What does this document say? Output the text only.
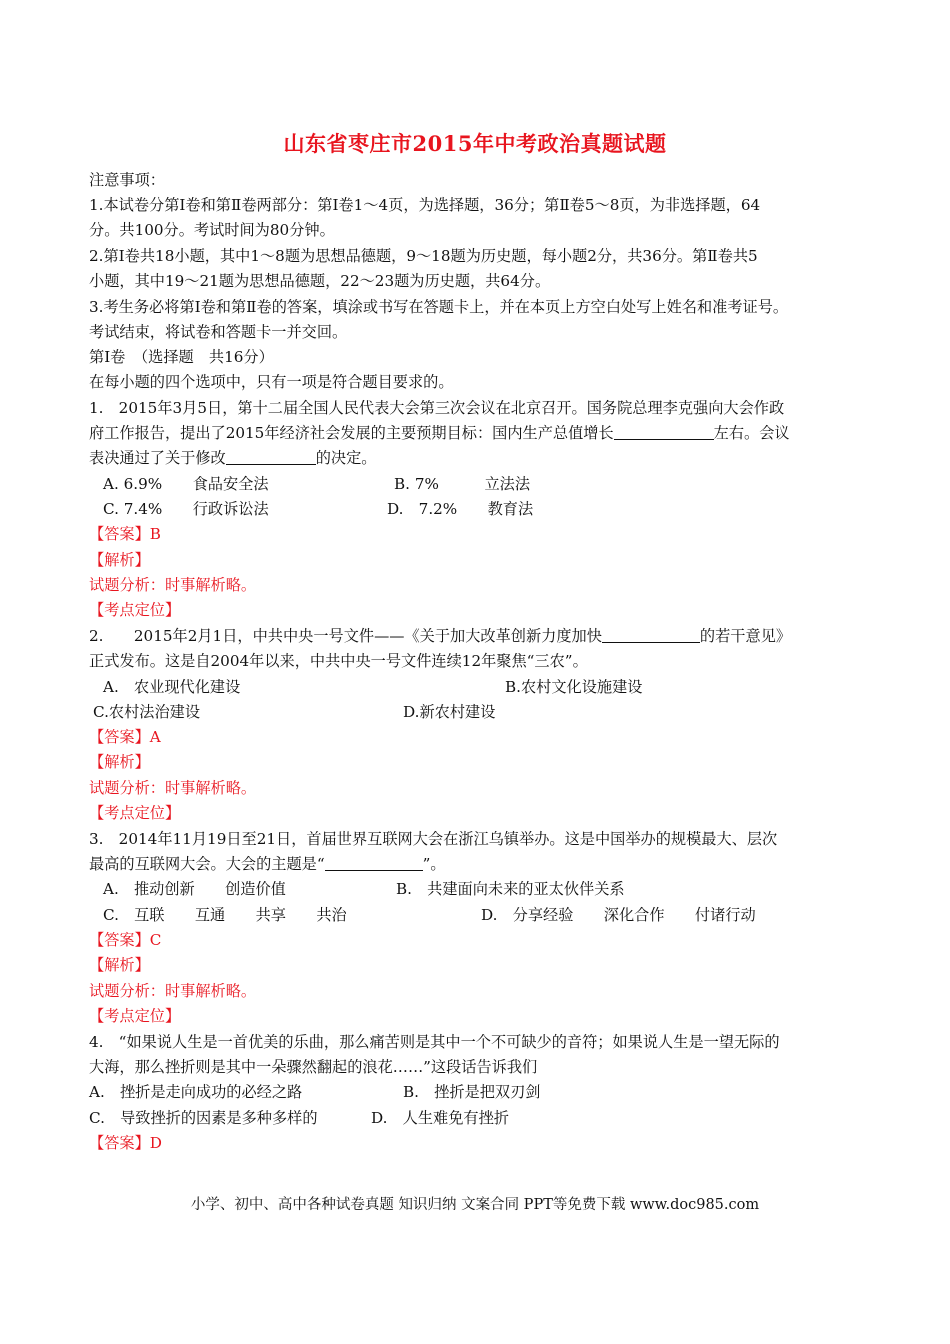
山东省枣庄市2015年中考政治真题试题
注意事项：
1.本试卷分第Ⅰ卷和第Ⅱ卷两部分：第Ⅰ卷1～4页，为选择题，36分；第Ⅱ卷5～8页，为非选择题，64
分。共100分。考试时间为80分钟。
2.第Ⅰ卷共18小题，其中1～8题为思想品德题，9～18题为历史题，每小题2分，共36分。第Ⅱ卷共5
小题，其中19～21题为思想品德题，22～23题为历史题，共64分。
3.考生务必将第Ⅰ卷和第Ⅱ卷的答案，填涂或书写在答题卡上，并在本页上方空白处写上姓名和准考证号。
考试结束，将试卷和答题卡一并交回。
第Ⅰ卷　（选择题　共16分）
在每小题的四个选项中，只有一项是符合题目要求的。
1.　2015年3月5日，第十二届全国人民代表大会第三次会议在北京召开。国务院总理李克强向大会作政
府工作报告，提出了2015年经济社会发展的主要预期目标：国内生产总值增长	左右。会议
表决通过了关于修改	的决定。
A. 6.9%　　食品安全法	B. 7%　　　立法法
C. 7.4%　　行政诉讼法	D.　7.2%　　教育法
【答案】B
【解析】
试题分析：时事解析略。
【考点定位】
2.　　2015年2月1日，中共中央一号文件——《关于加大改革创新力度加快	的若干意见》
正式发布。这是自2004年以来，中共中央一号文件连续12年聚焦“三农”。
A.　农业现代化建设	B.农村文化设施建设
C.农村法治建设	D.新农村建设
【答案】A
【解析】
试题分析：时事解析略。
【考点定位】
3.　2014年11月19日至21日，首届世界互联网大会在浙江乌镇举办。这是中国举办的规模最大、层次
最高的互联网大会。大会的主题是“	”。
A.　推动创新　　创造价值	B.　共建面向未来的亚太伙伴关系
C.　互联　　互通　　共享　　共治	D.　分享经验　　深化合作　　付诸行动
【答案】C
【解析】
试题分析：时事解析略。
【考点定位】
4.　“如果说人生是一首优美的乐曲，那么痛苦则是其中一个不可缺少的音符；如果说人生是一望无际的
大海，那么挫折则是其中一朵骤然翻起的浪花……”这段话告诉我们
A.　挫折是走向成功的必经之路	B.　挫折是把双刃剑
C.　导致挫折的因素是多种多样的	D.　人生难免有挫折
【答案】D
小学、初中、高中各种试卷真题 知识归纳 文案合同 PPT等免费下载 www.doc985.com
